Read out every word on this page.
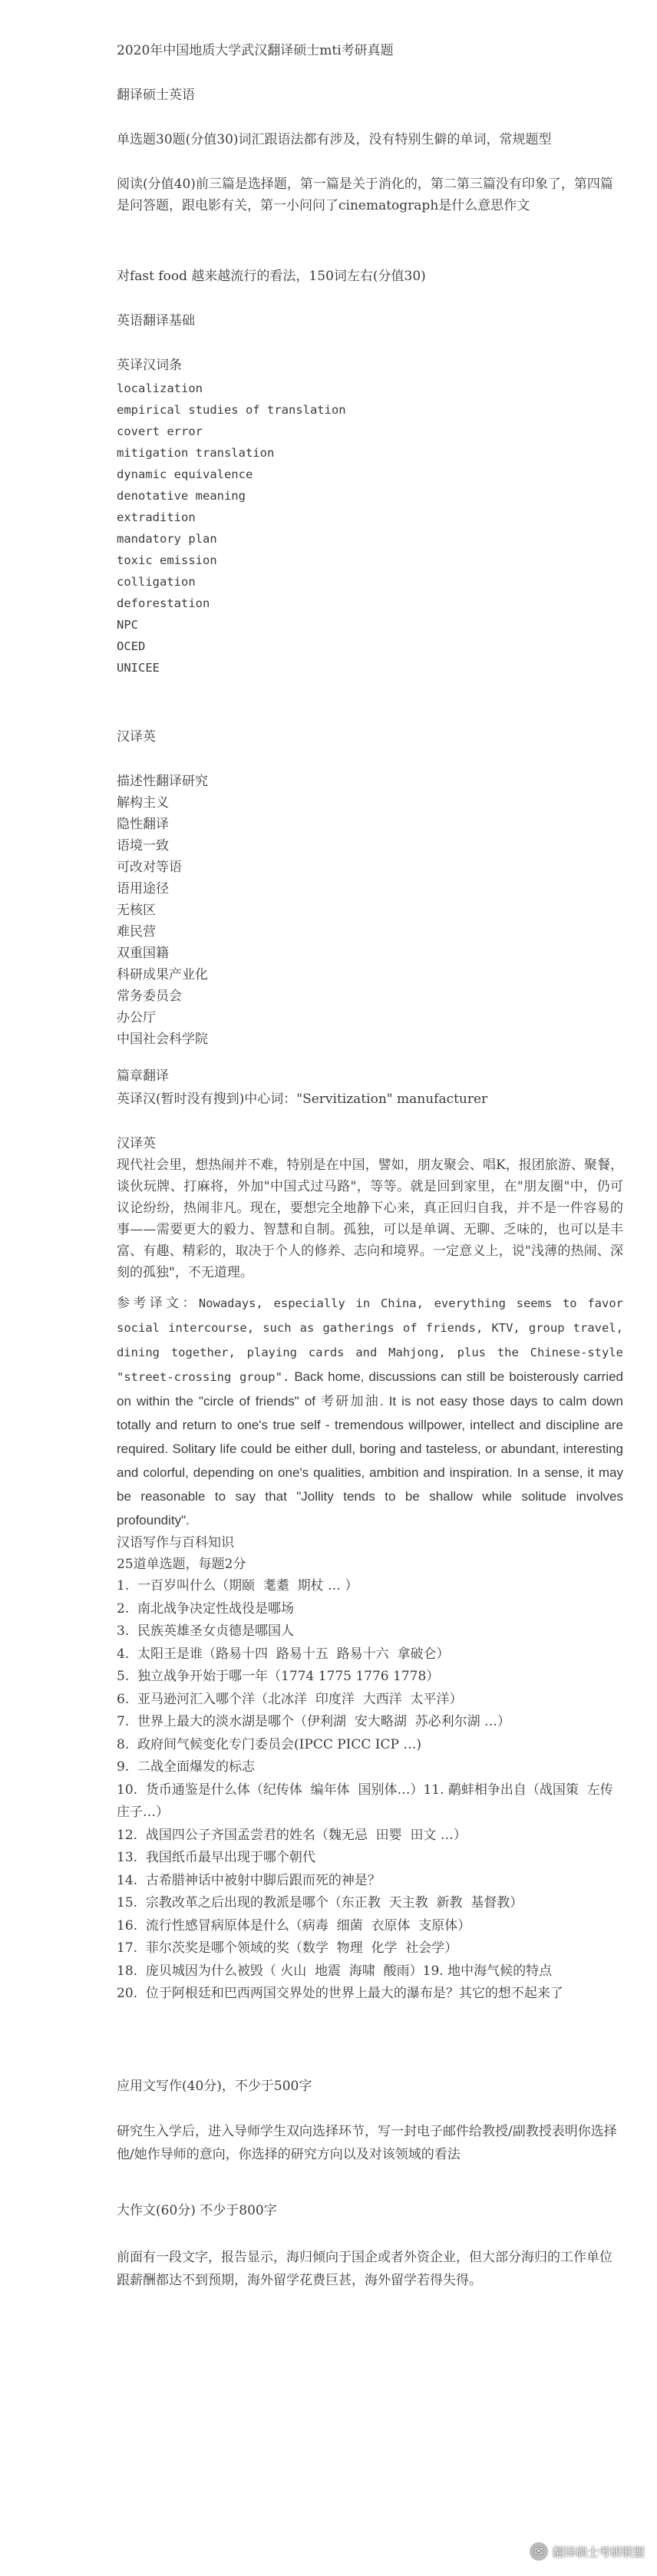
2020年中国地质大学武汉翻译硕士mti考研真题

翻译硕士英语

单选题30题(分值30)词汇跟语法都有涉及，没有特别生僻的单词，常规题型

阅读(分值40)前三篇是选择题，第一篇是关于消化的，第二第三篇没有印象了，第四篇是问答题，跟电影有关，第一小问问了cinematograph是什么意思作文

对fast food 越来越流行的看法，150词左右(分值30)

英语翻译基础

英译汉词条

localization
empirical studies of translation
covert error
mitigation translation
dynamic equivalence
denotative meaning
extradition
mandatory plan
toxic emission
colligation
deforestation
NPC
OCED
UNICEE

汉译英

描述性翻译研究
解构主义
隐性翻译
语境一致
可改对等语
语用途径
无核区
难民营
双重国籍
科研成果产业化
常务委员会
办公厅
中国社会科学院

篇章翻译

英译汉(暂时没有搜到)中心词："Servitization" manufacturer

汉译英

现代社会里，想热闹并不难，特别是在中国，譬如，朋友聚会、唱K，报团旅游、聚餐，谈伙玩牌、打麻将，外加"中国式过马路"，等等。就是回到家里，在"朋友圈"中，仍可议论纷纷，热闹非凡。现在，要想完全地静下心来，真正回归自我，并不是一件容易的事——需要更大的毅力、智慧和自制。孤独，可以是单调、无聊、乏味的，也可以是丰富、有趣、精彩的，取决于个人的修养、志向和境界。一定意义上，说"浅薄的热闹、深刻的孤独"，不无道理。

参考译文：Nowadays, especially in China, everything seems to favor social intercourse, such as gatherings of friends, KTV, group travel, dining together, playing cards and Mahjong, plus the Chinese-style "street-crossing group". Back home, discussions can still be boisterously carried on within the "circle of friends" of 考研加油. It is not easy those days to calm down totally and return to one's true self - tremendous willpower, intellect and discipline are required. Solitary life could be either dull, boring and tasteless, or abundant, interesting and colorful, depending on one's qualities, ambition and inspiration. In a sense, it may be reasonable to say that "Jollity tends to be shallow while solitude involves profoundity".

汉语写作与百科知识

25道单选题，每题2分

1.  一百岁叫什么（期颐  耄耋  期杖 … ）
2.  南北战争决定性战役是哪场
3.  民族英雄圣女贞德是哪国人
4.  太阳王是谁（路易十四  路易十五  路易十六  拿破仑）
5.  独立战争开始于哪一年（1774 1775 1776 1778）
6.  亚马逊河汇入哪个洋（北冰洋  印度洋  大西洋  太平洋）
7.  世界上最大的淡水湖是哪个（伊利湖  安大略湖  苏必利尔湖 …）
8.  政府间气候变化专门委员会(IPCC PICC ICP …)
9.  二战全面爆发的标志
10.  货币通鉴是什么体（纪传体  编年体  国别体…）11. 鹬蚌相争出自（战国策  左传  庄子…）
12.  战国四公子齐国孟尝君的姓名（魏无忌  田婴  田文 …）
13.  我国纸币最早出现于哪个朝代
14.  古希腊神话中被射中脚后跟而死的神是？
15.  宗教改革之后出现的教派是哪个（东正教  天主教  新教  基督教）
16.  流行性感冒病原体是什么（病毒  细菌  衣原体  支原体）
17.  菲尔茨奖是哪个领域的奖（数学  物理  化学  社会学）
18.  庞贝城因为什么被毁（ 火山  地震  海啸  酸雨）19. 地中海气候的特点
20.  位于阿根廷和巴西两国交界处的世界上最大的瀑布是？其它的想不起来了

应用文写作(40分)，不少于500字

研究生入学后，进入导师学生双向选择环节，写一封电子邮件给教授/副教授表明你选择他/她作导师的意向，你选择的研究方向以及对该领域的看法

大作文(60分) 不少于800字

前面有一段文字，报告显示，海归倾向于国企或者外资企业，但大部分海归的工作单位跟薪酬都达不到预期，海外留学花费巨甚，海外留学若得失得。

✉ 翻译硕士考研联盟
